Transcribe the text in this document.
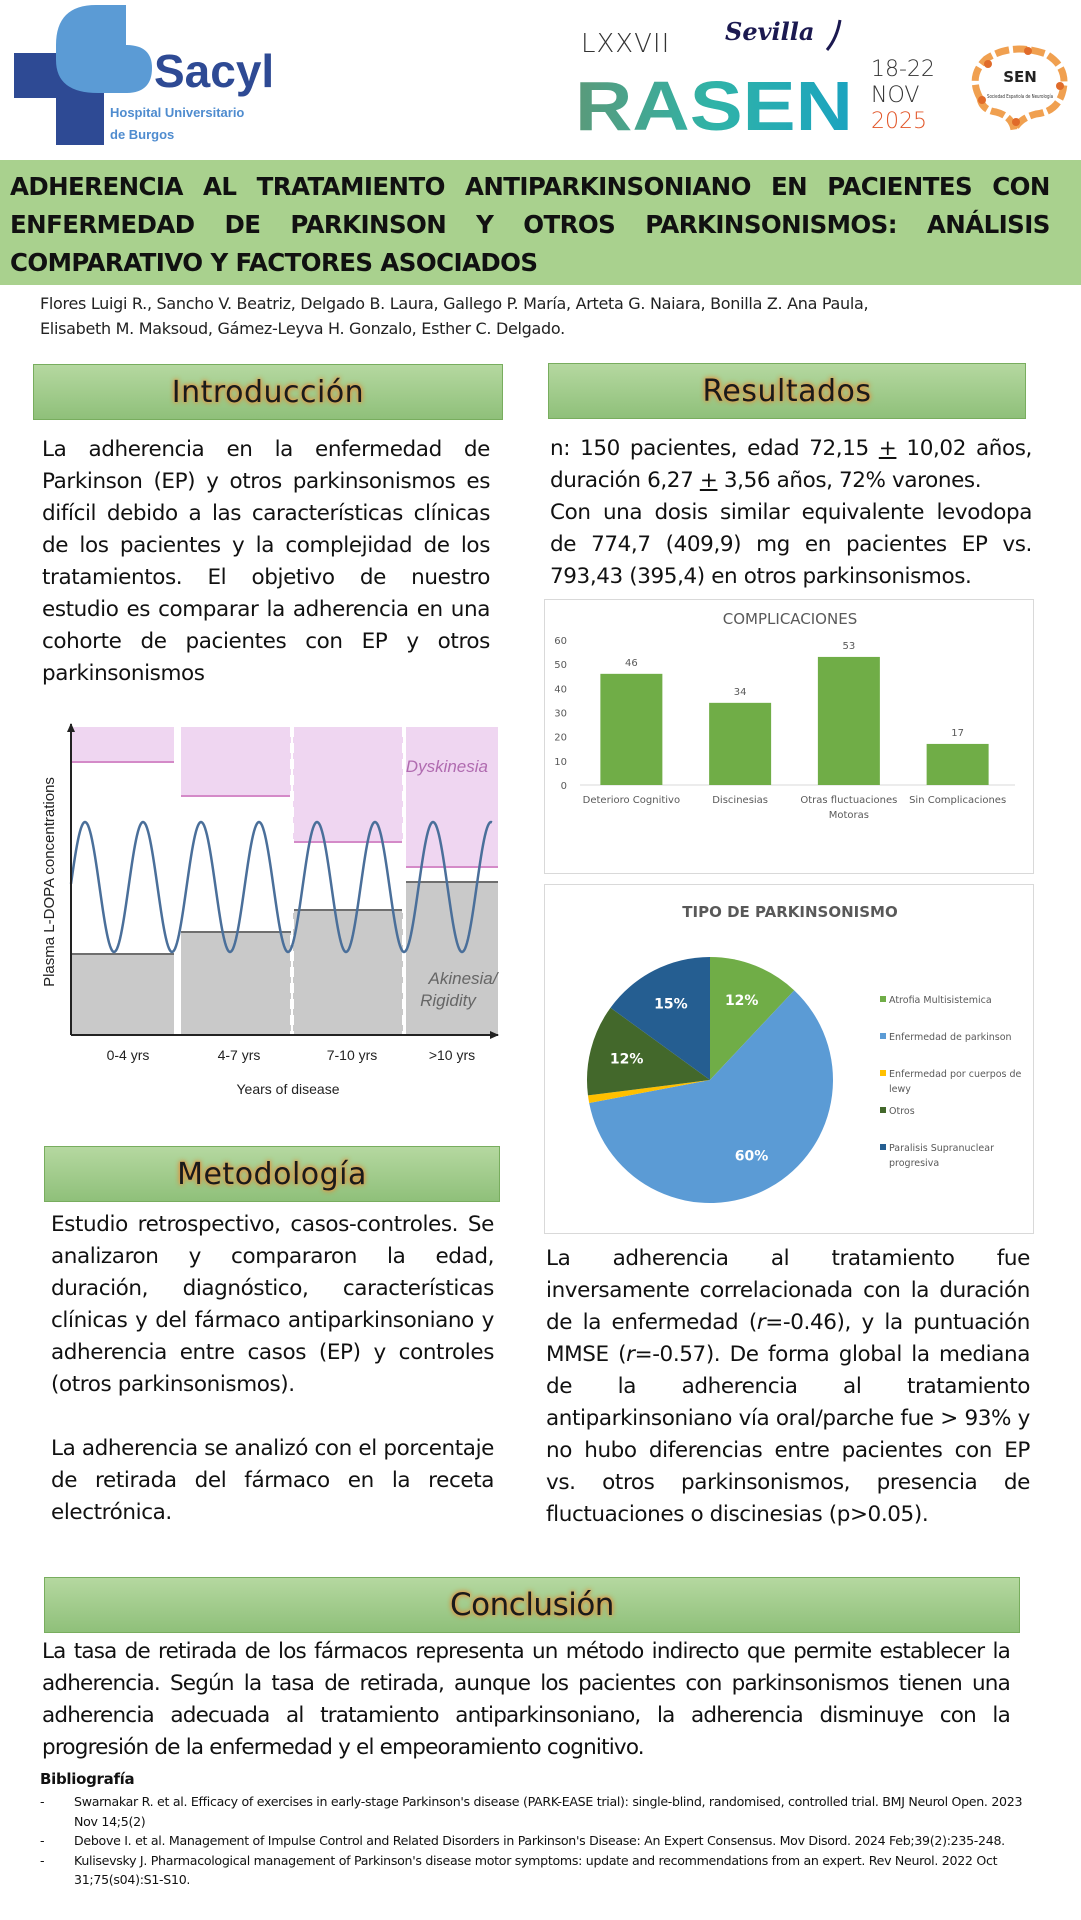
Sacyl
Hospital Universitario
de Burgos
LXXVII Sevilla
RASEN 18-22
NOV
2025
SEN
Sociedad Española de Neurología
ADHERENCIA AL TRATAMIENTO ANTIPARKINSONIANO EN PACIENTES CON ENFERMEDAD DE PARKINSON Y OTROS PARKINSONISMOS: ANÁLISIS COMPARATIVO Y FACTORES ASOCIADOS
Flores Luigi R., Sancho V. Beatriz, Delgado B. Laura, Gallego P. María, Arteta G. Naiara, Bonilla Z. Ana Paula,
Elisabeth M. Maksoud, Gámez-Leyva H. Gonzalo, Esther C. Delgado.
Introducción

La adherencia en la enfermedad de Parkinson (EP) y otros parkinsonismos es difícil debido a las características clínicas de los pacientes y la complejidad de los tratamientos. El objetivo de nuestro estudio es comparar la adherencia en una cohorte de pacientes con EP y otros parkinsonismos

Plasma L-DOPA concentrations
Dyskinesia
Akinesia/
Rigidity
0-4 yrs	4-7 yrs	7-10 yrs	>10 yrs
Years of disease
Metodología

Estudio retrospectivo, casos-controles. Se analizaron y compararon la edad, duración, diagnóstico, características clínicas y del fármaco antiparkinsoniano y adherencia entre casos (EP) y controles (otros parkinsonismos).

La adherencia se analizó con el porcentaje de retirada del fármaco en la receta electrónica.

Resultados

n: 150 pacientes, edad 72,15 + 10,02 años, duración 6,27 + 3,56 años, 72% varones.

Con una dosis similar equivalente levodopa de 774,7 (409,9) mg en pacientes EP vs. 793,43 (395,4) en otros parkinsonismos.

COMPLICACIONES
0
10
20
30
40
50
60
46
34
53
17
Deterioro Cognitivo	Discinesias	Otras fluctuaciones
Motoras
Sin Complicaciones
TIPO DE PARKINSONISMO
12%
60%
12%
15%	Atrofia Multisistemica
Enfermedad de parkinson
Enfermedad por cuerpos de
lewy
Otros
Paralisis Supranuclear
progresiva

La adherencia al tratamiento fue inversamente correlacionada con la duración de la enfermedad (r=-0.46), y la puntuación MMSE (r=-0.57). De forma global la mediana de la adherencia al tratamiento antiparkinsoniano vía oral/parche fue > 93% y no hubo diferencias entre pacientes con EP vs. otros parkinsonismos, presencia de fluctuaciones o discinesias (p>0.05).

Conclusión

La tasa de retirada de los fármacos representa un método indirecto que permite establecer la adherencia. Según la tasa de retirada, aunque los pacientes con parkinsonismos tienen una adherencia adecuada al tratamiento antiparkinsoniano, la adherencia disminuye con la progresión de la enfermedad y el empeoramiento cognitivo.

Bibliografía
-	Swarnakar R. et al. Efficacy of exercises in early-stage Parkinson's disease (PARK-EASE trial): single-blind, randomised, controlled trial. BMJ Neurol Open. 2023 Nov 14;5(2)
-	Debove I. et al. Management of Impulse Control and Related Disorders in Parkinson's Disease: An Expert Consensus. Mov Disord. 2024 Feb;39(2):235-248.
-	Kulisevsky J. Pharmacological management of Parkinson's disease motor symptoms: update and recommendations from an expert. Rev Neurol. 2022 Oct 31;75(s04):S1-S10.
